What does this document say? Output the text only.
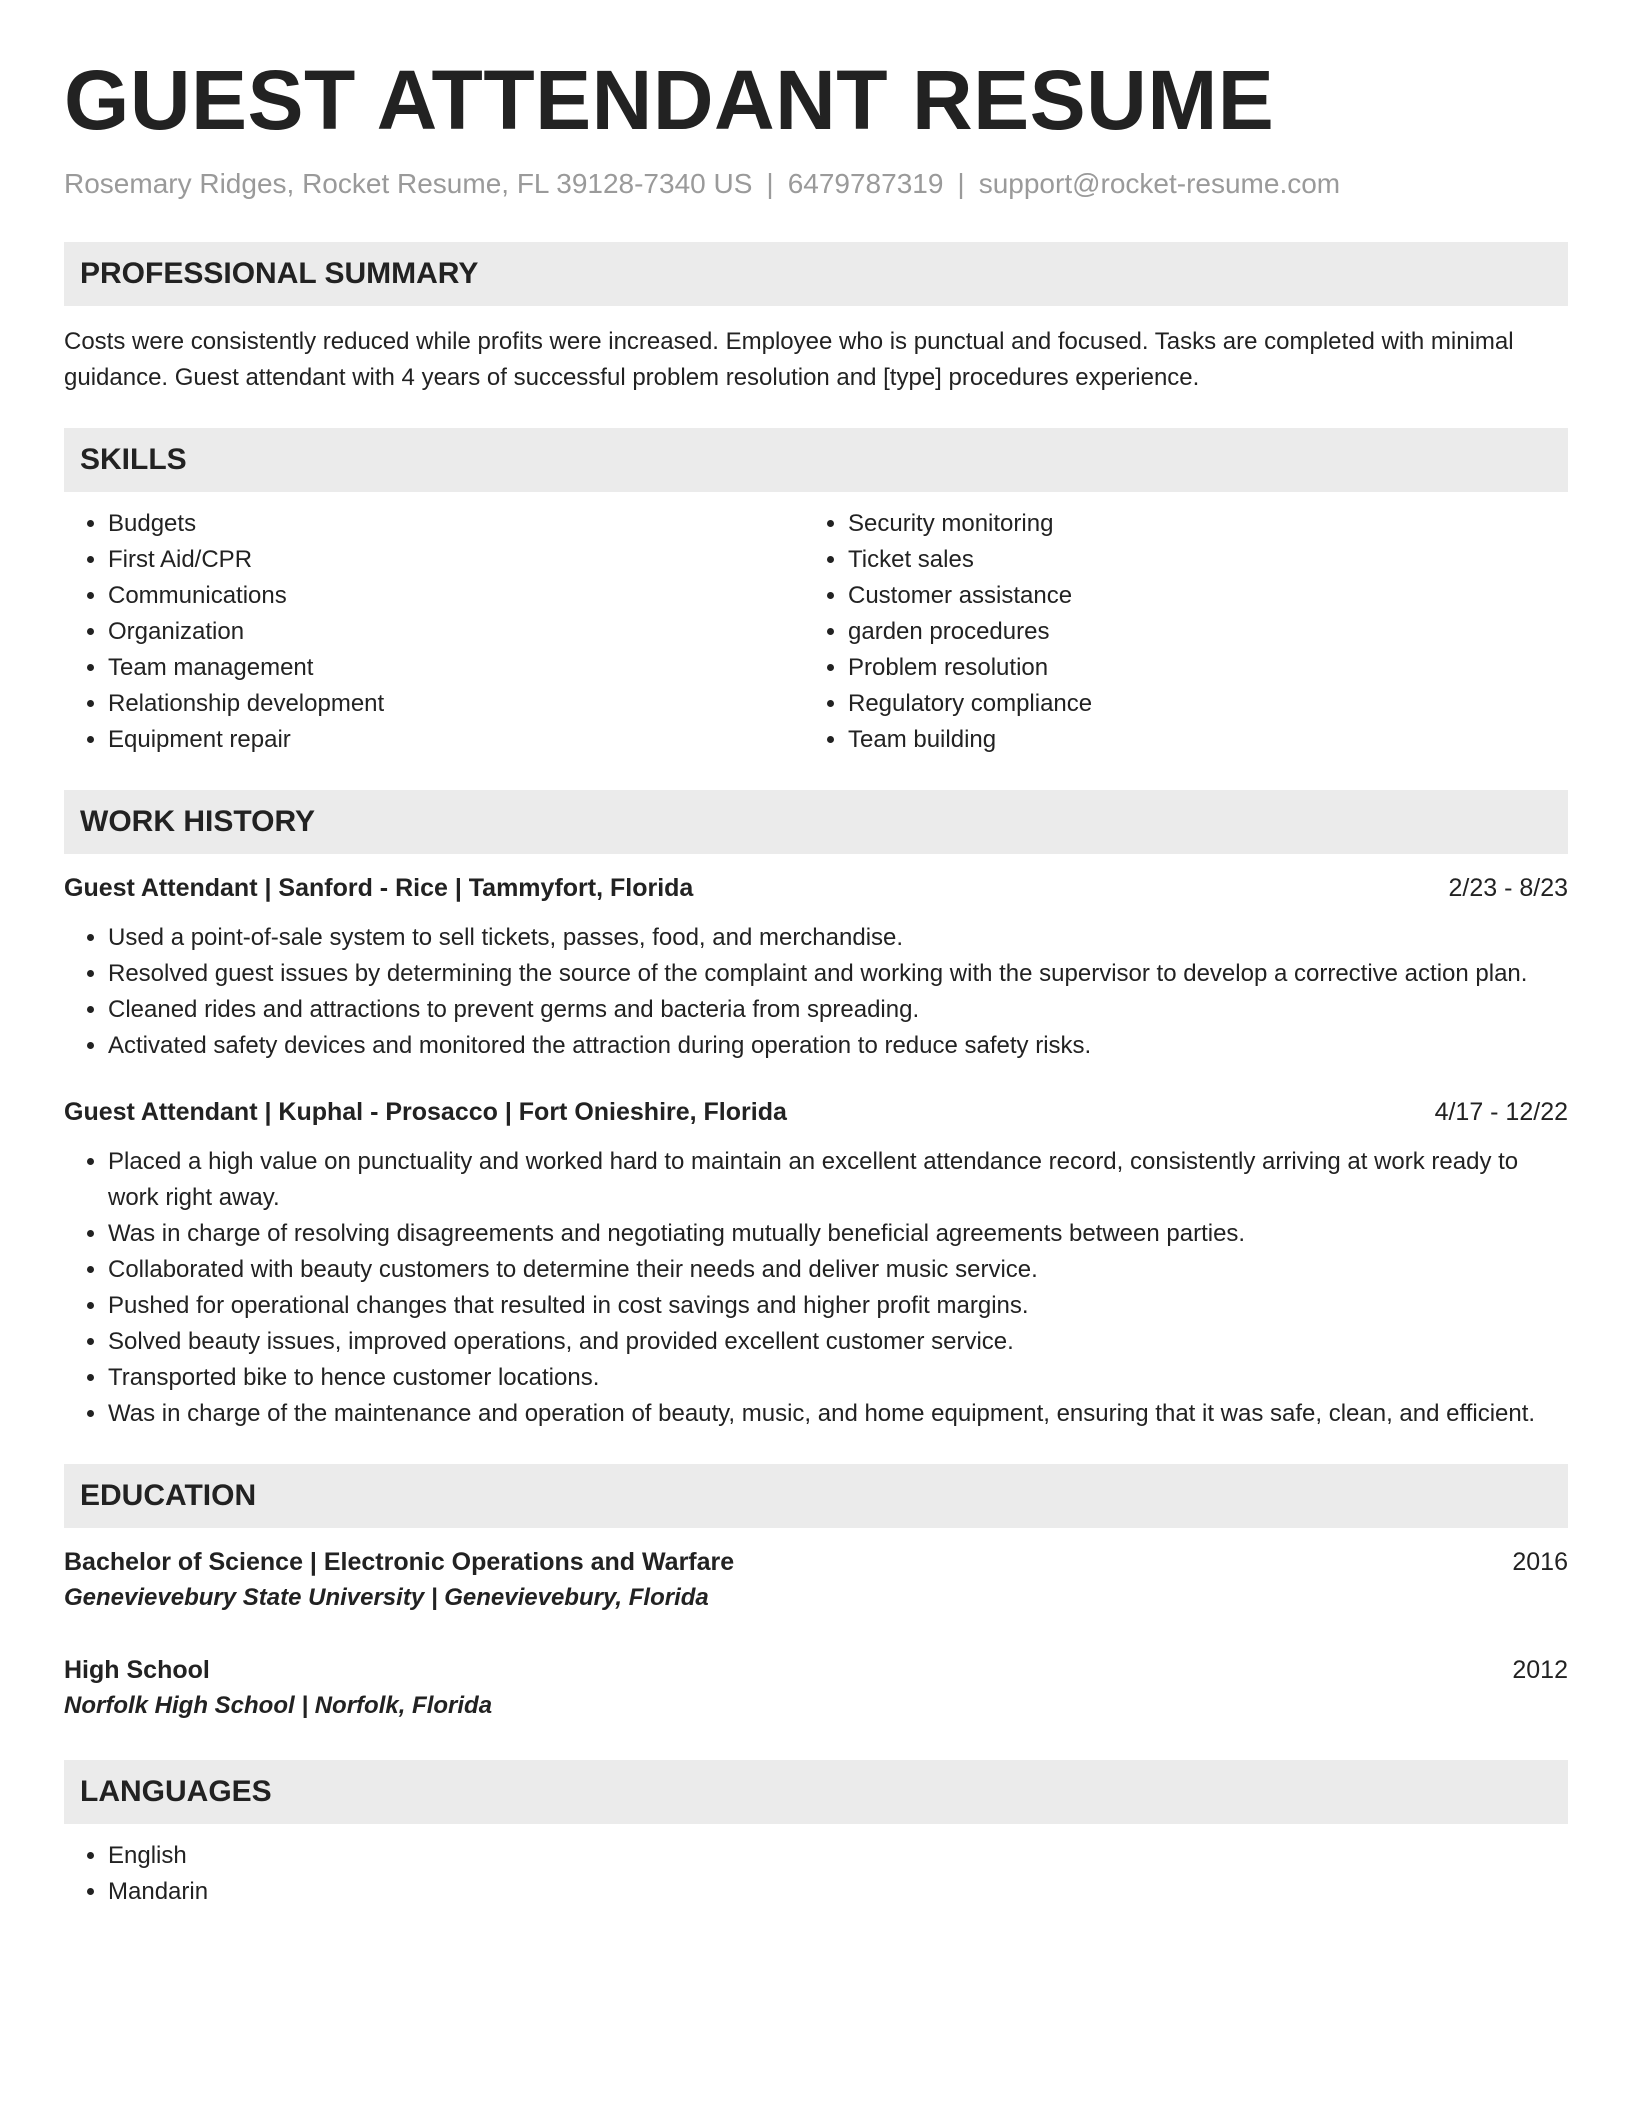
GUEST ATTENDANT RESUME
Rosemary Ridges, Rocket Resume, FL 39128-7340 US | 6479787319 | support@rocket-resume.com
PROFESSIONAL SUMMARY

Costs were consistently reduced while profits were increased. Employee who is punctual and focused. Tasks are completed with minimal guidance. Guest attendant with 4 years of successful problem resolution and [type] procedures experience.

SKILLS
• Budgets
• First Aid/CPR
• Communications
• Organization
• Team management
• Relationship development
• Equipment repair
• Security monitoring
• Ticket sales
• Customer assistance
• garden procedures
• Problem resolution
• Regulatory compliance
• Team building
WORK HISTORY
Guest Attendant | Sanford - Rice | Tammyfort, Florida	2/23 - 8/23
• Used a point-of-sale system to sell tickets, passes, food, and merchandise.
• Resolved guest issues by determining the source of the complaint and working with the supervisor to develop a corrective action plan.
• Cleaned rides and attractions to prevent germs and bacteria from spreading.
• Activated safety devices and monitored the attraction during operation to reduce safety risks.
Guest Attendant | Kuphal - Prosacco | Fort Onieshire, Florida	4/17 - 12/22
• Placed a high value on punctuality and worked hard to maintain an excellent attendance record, consistently arriving at work ready to work right away.
• Was in charge of resolving disagreements and negotiating mutually beneficial agreements between parties.
• Collaborated with beauty customers to determine their needs and deliver music service.
• Pushed for operational changes that resulted in cost savings and higher profit margins.
• Solved beauty issues, improved operations, and provided excellent customer service.
• Transported bike to hence customer locations.
• Was in charge of the maintenance and operation of beauty, music, and home equipment, ensuring that it was safe, clean, and efficient.
EDUCATION
Bachelor of Science | Electronic Operations and Warfare	2016
Genevievebury State University | Genevievebury, Florida
High School	2012
Norfolk High School | Norfolk, Florida
LANGUAGES
• English
• Mandarin
